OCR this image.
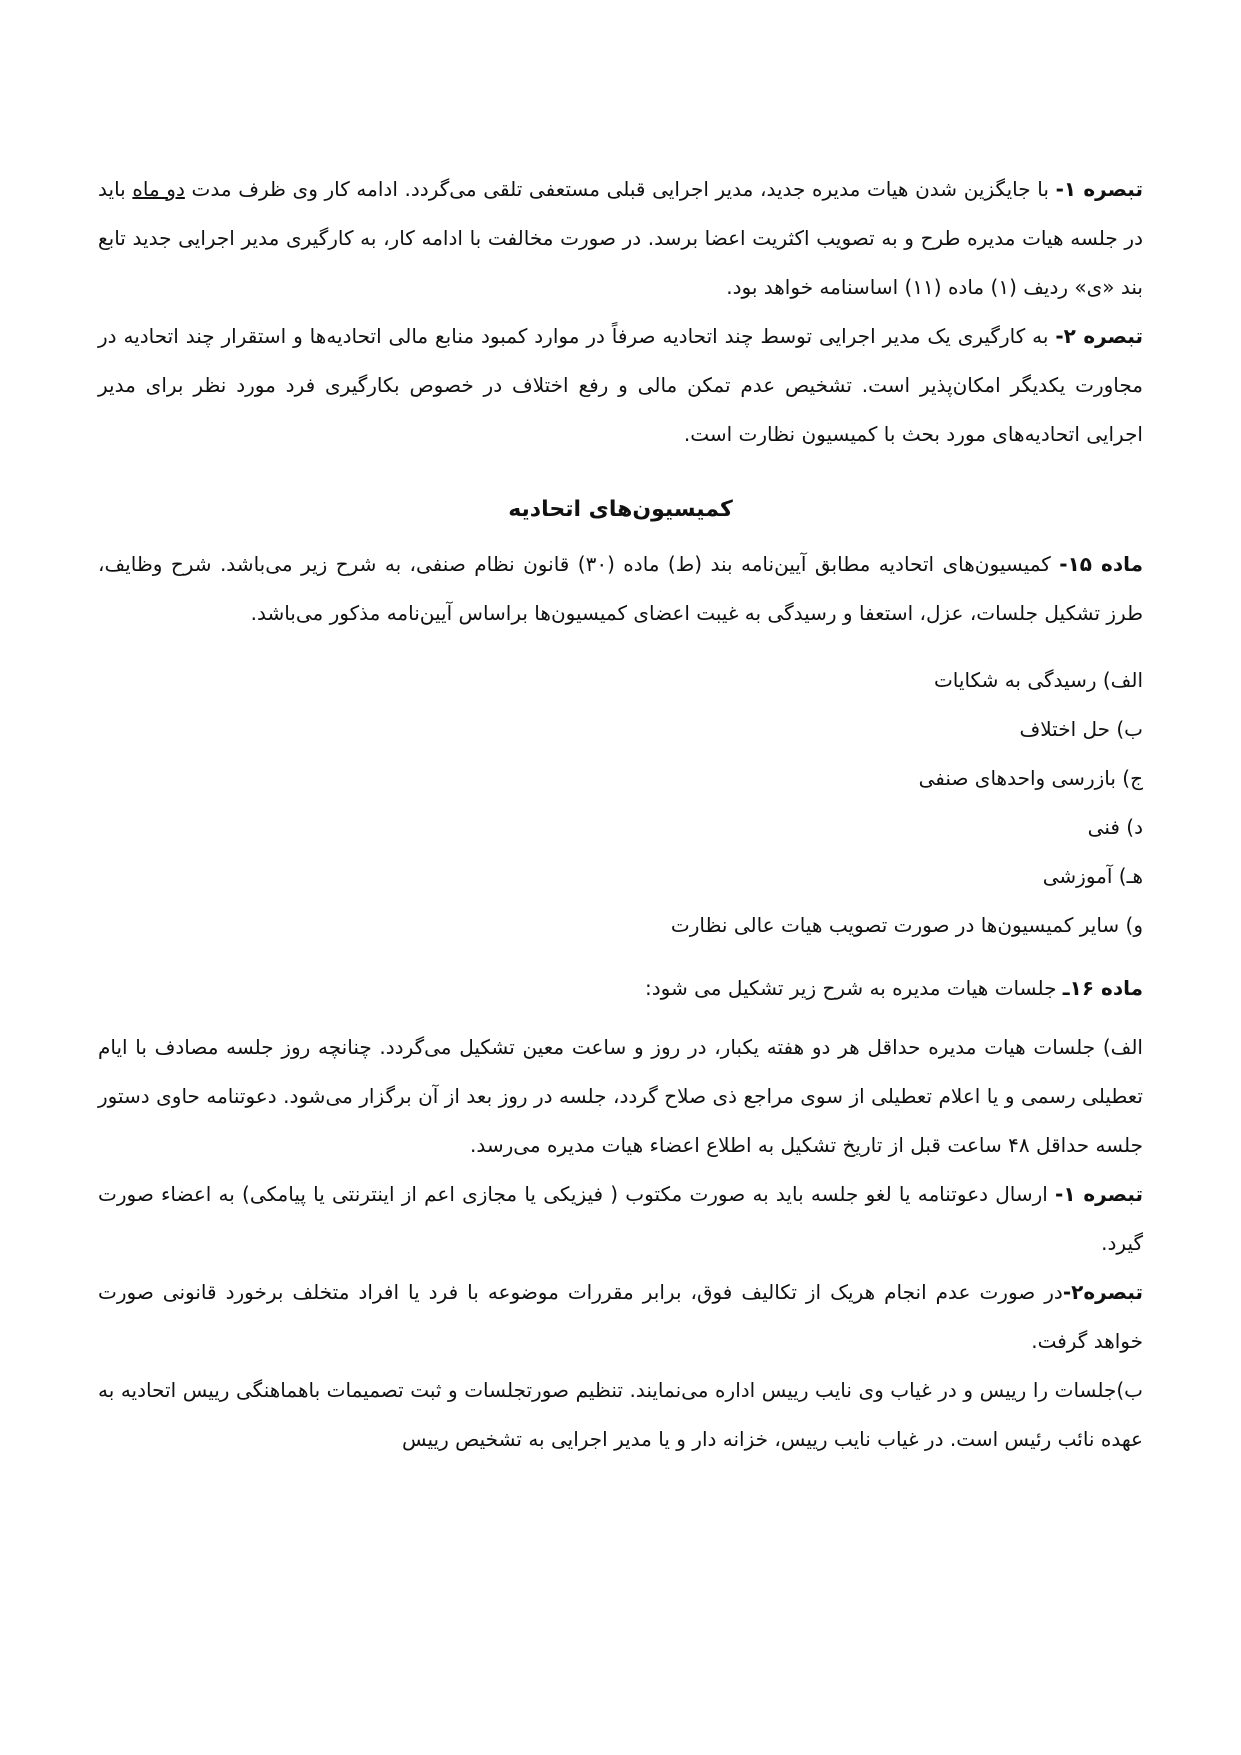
تبصره ۱- با جایگزین شدن هیات مدیره جدید، مدیر اجرایی قبلی مستعفی تلقی می‌گردد. ادامه کار وی ظرف مدت دو ماه باید در جلسه هیات مدیره طرح و به تصویب اکثریت اعضا برسد. در صورت مخالفت با ادامه کار، به کارگیری مدیر اجرایی جدید تابع بند «ی» ردیف (۱) ماده (۱۱) اساسنامه خواهد بود.

تبصره ۲- به کارگیری یک مدیر اجرایی توسط چند اتحادیه صرفاً در موارد کمبود منابع مالی اتحادیه‌ها و استقرار چند اتحادیه در مجاورت یکدیگر امکان‌پذیر است. تشخیص عدم تمکن مالی و رفع اختلاف در خصوص بکارگیری فرد مورد نظر برای مدیر اجرایی اتحادیه‌های مورد بحث با کمیسیون نظارت است.

کمیسیون‌های اتحادیه

ماده ۱۵- کمیسیون‌های اتحادیه مطابق آیین‌نامه بند (ط) ماده (۳۰) قانون نظام صنفی، به شرح زیر می‌باشد. شرح وظایف، طرز تشکیل جلسات، عزل، استعفا و رسیدگی به غیبت اعضای کمیسیون‌ها براساس آیین‌نامه مذکور می‌باشد.

الف) رسیدگی به شکایات

ب) حل اختلاف

ج) بازرسی واحدهای صنفی

د) فنی

هـ) آموزشی

و) سایر کمیسیون‌ها در صورت تصویب هیات عالی نظارت

ماده ۱۶ـ جلسات هیات مدیره به شرح زیر تشکیل می شود:

الف) جلسات هیات مدیره حداقل هر دو هفته یکبار، در روز و ساعت معین تشکیل می‌گردد. چنانچه روز جلسه مصادف با ایام تعطیلی رسمی و یا اعلام تعطیلی از سوی مراجع ذی صلاح گردد، جلسه در روز بعد از آن برگزار می‌شود. دعوتنامه حاوی دستور جلسه حداقل ۴۸ ساعت قبل از تاریخ تشکیل به اطلاع اعضاء هیات مدیره می‌رسد.

تبصره ۱- ارسال دعوتنامه یا لغو جلسه باید به صورت مکتوب ( فیزیکی یا مجازی اعم از اینترنتی یا پیامکی) به اعضاء صورت گیرد.

تبصره۲-در صورت عدم انجام هریک از تکالیف فوق، برابر مقررات موضوعه با فرد یا افراد متخلف برخورد قانونی صورت خواهد گرفت.

ب)جلسات را رییس و در غیاب وی نایب رییس اداره می‌نمایند. تنظیم صورتجلسات و ثبت تصمیمات باهماهنگی رییس اتحادیه به عهده نائب رئیس است. در غیاب نایب رییس، خزانه دار و یا مدیر اجرایی به تشخیص رییس
